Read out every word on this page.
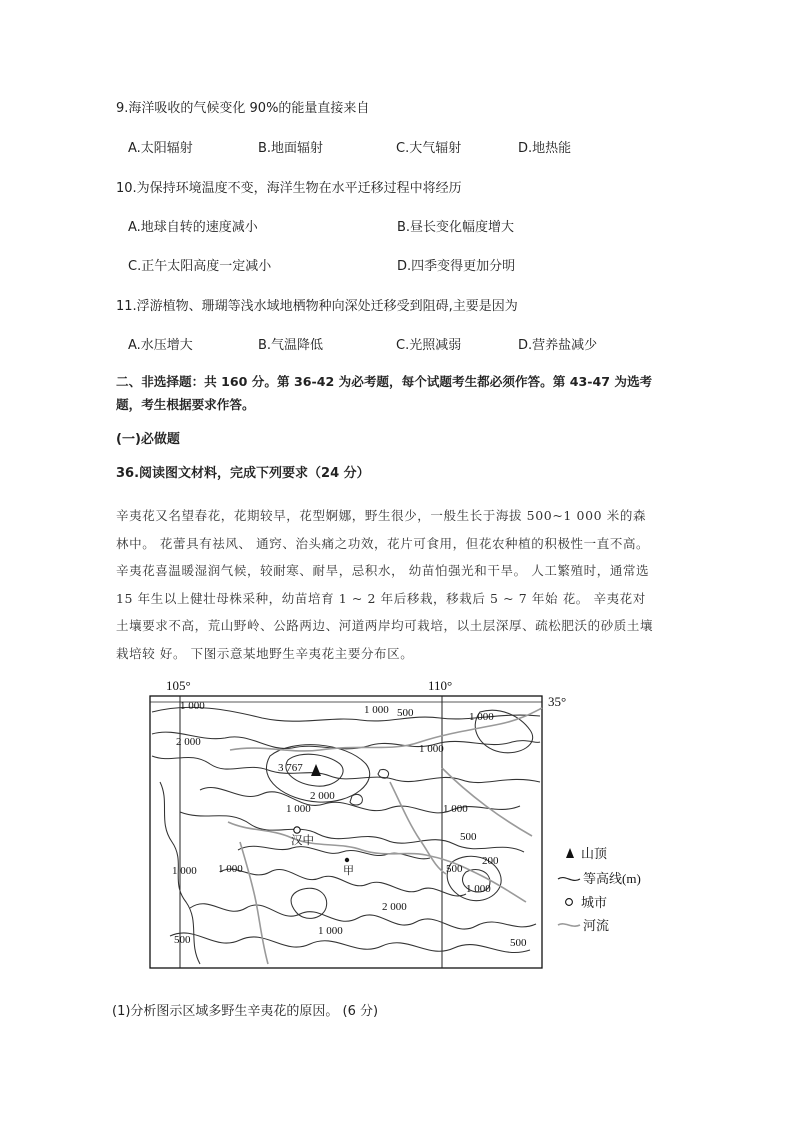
9.海洋吸收的气候变化 90%的能量直接来自
A.太阳辐射	B.地面辐射	C.大气辐射	D.地热能
10.为保持环境温度不变，海洋生物在水平迁移过程中将经历
A.地球自转的速度减小	B.昼长变化幅度增大
C.正午太阳高度一定减小	D.四季变得更加分明
11.浮游植物、珊瑚等浅水域地栖物种向深处迁移受到阻碍,主要是因为
A.水压增大	B.气温降低	C.光照减弱	D.营养盐减少
二、非选择题：共 160 分。第 36-42 为必考题，每个试题考生都必须作答。第 43-47 为选考
题，考生根据要求作答。
(一)必做题
36.阅读图文材料，完成下列要求（24 分）
辛夷花又名望春花，花期较早，花型婀娜，野生很少，一般生长于海拔 500~1 000 米的森
林中。 花蕾具有祛风、 通窍、治头痛之功效，花片可食用，但花农种植的积极性一直不高。
辛夷花喜温暖湿润气候，较耐寒、耐旱，忌积水， 幼苗怕强光和干旱。 人工繁殖时，通常选
15 年生以上健壮母株采种，幼苗培育 1 ~ 2 年后移栽，移栽后 5 ~ 7 年始 花。 辛夷花对
土壤要求不高，荒山野岭、公路两边、河道两岸均可栽培，以土层深厚、疏松肥沃的砂质土壤
栽培较 好。 下图示意某地野生辛夷花主要分布区。
105°	110°
35°
1 000	1 000 500	1 000
2 000
1 000
3 767
2 000
1 000
汉中
1 000
500
甲
200
1 000 1 000	500
1 000
2 000
1 000
500	500
山顶
等高线(m)
城市
河流
(1)分析图示区域多野生辛夷花的原因。 (6 分)
